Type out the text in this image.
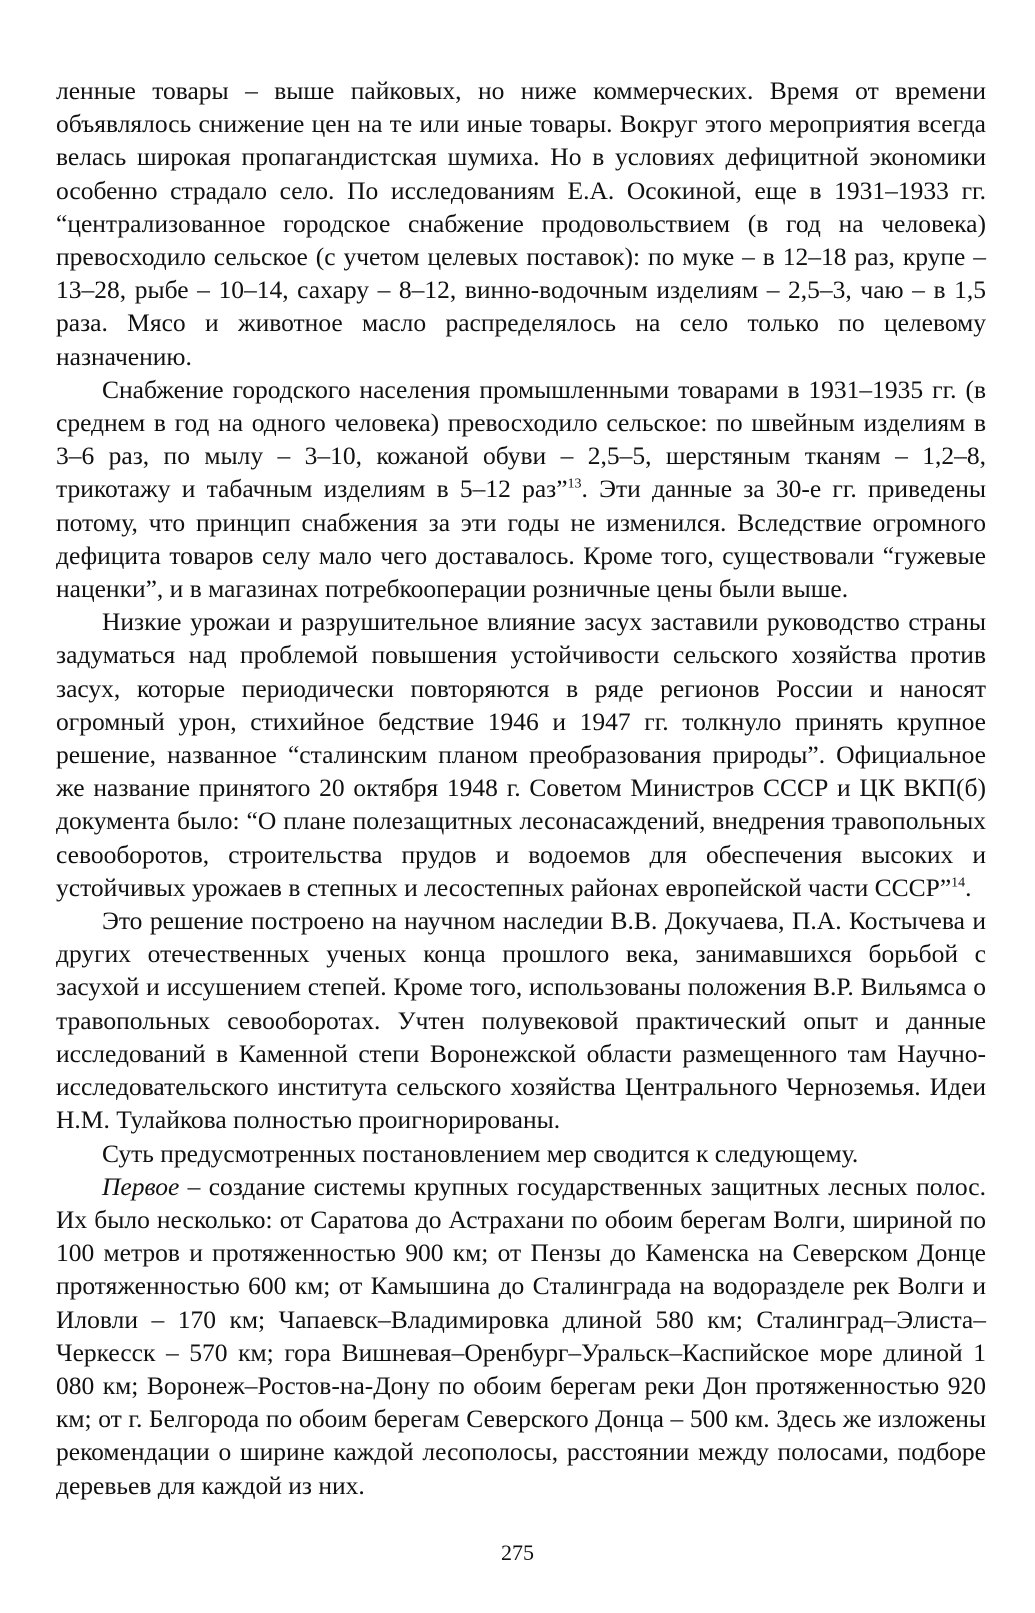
ленные товары – выше пайковых, но ниже коммерческих. Время от времени объявлялось снижение цен на те или иные товары. Вокруг этого мероприятия всегда велась широкая пропагандистская шумиха. Но в условиях дефицитной экономики особенно страдало село. По исследованиям Е.А. Осокиной, еще в 1931–1933 гг. “централизованное городское снабжение продовольствием (в год на человека) превосходило сельское (с учетом целевых поставок): по муке – в 12–18 раз, крупе – 13–28, рыбе – 10–14, сахару – 8–12, винно-водочным изделиям – 2,5–3, чаю – в 1,5 раза. Мясо и животное масло распределялось на село только по целевому назначению.

Снабжение городского населения промышленными товарами в 1931–1935 гг. (в среднем в год на одного человека) превосходило сельское: по швейным изделиям в 3–6 раз, по мылу – 3–10, кожаной обуви – 2,5–5, шерстяным тканям – 1,2–8, трикотажу и табачным изделиям в 5–12 раз”$^{13}$. Эти данные за 30-е гг. приведены потому, что принцип снабжения за эти годы не изменился. Вследствие огромного дефицита товаров селу мало чего доставалось. Кроме того, существовали “гужевые наценки”, и в магазинах потребкооперации розничные цены были выше.

Низкие урожаи и разрушительное влияние засух заставили руководство страны задуматься над проблемой повышения устойчивости сельского хозяйства против засух, которые периодически повторяются в ряде регионов России и наносят огромный урон, стихийное бедствие 1946 и 1947 гг. толкнуло принять крупное решение, названное “сталинским планом преобразования природы”. Официальное же название принятого 20 октября 1948 г. Советом Министров СССР и ЦК ВКП(б) документа было: “О плане полезащитных лесонасаждений, внедрения травопольных севооборотов, строительства прудов и водоемов для обеспечения высоких и устойчивых урожаев в степных и лесостепных районах европейской части СССР”$^{14}$.

Это решение построено на научном наследии В.В. Докучаева, П.А. Костычева и других отечественных ученых конца прошлого века, занимавшихся борьбой с засухой и иссушением степей. Кроме того, использованы положения В.Р. Вильямса о травопольных севооборотах. Учтен полувековой практический опыт и данные исследований в Каменной степи Воронежской области размещенного там Научно-исследовательского института сельского хозяйства Центрального Черноземья. Идеи Н.М. Тулайкова полностью проигнорированы.

Суть предусмотренных постановлением мер сводится к следующему.

Первое – создание системы крупных государственных защитных лесных полос. Их было несколько: от Саратова до Астрахани по обоим берегам Волги, шириной по 100 метров и протяженностью 900 км; от Пензы до Каменска на Северском Донце протяженностью 600 км; от Камышина до Сталинграда на водоразделе рек Волги и Иловли – 170 км; Чапаевск–Владимировка длиной 580 км; Сталинград–Элиста–Черкесск – 570 км; гора Вишневая–Оренбург–Уральск–Каспийское море длиной 1 080 км; Воронеж–Ростов-на-Дону по обоим берегам реки Дон протяженностью 920 км; от г. Белгорода по обоим берегам Северского Донца – 500 км. Здесь же изложены рекомендации о ширине каждой лесополосы, расстоянии между полосами, подборе деревьев для каждой из них.

275
